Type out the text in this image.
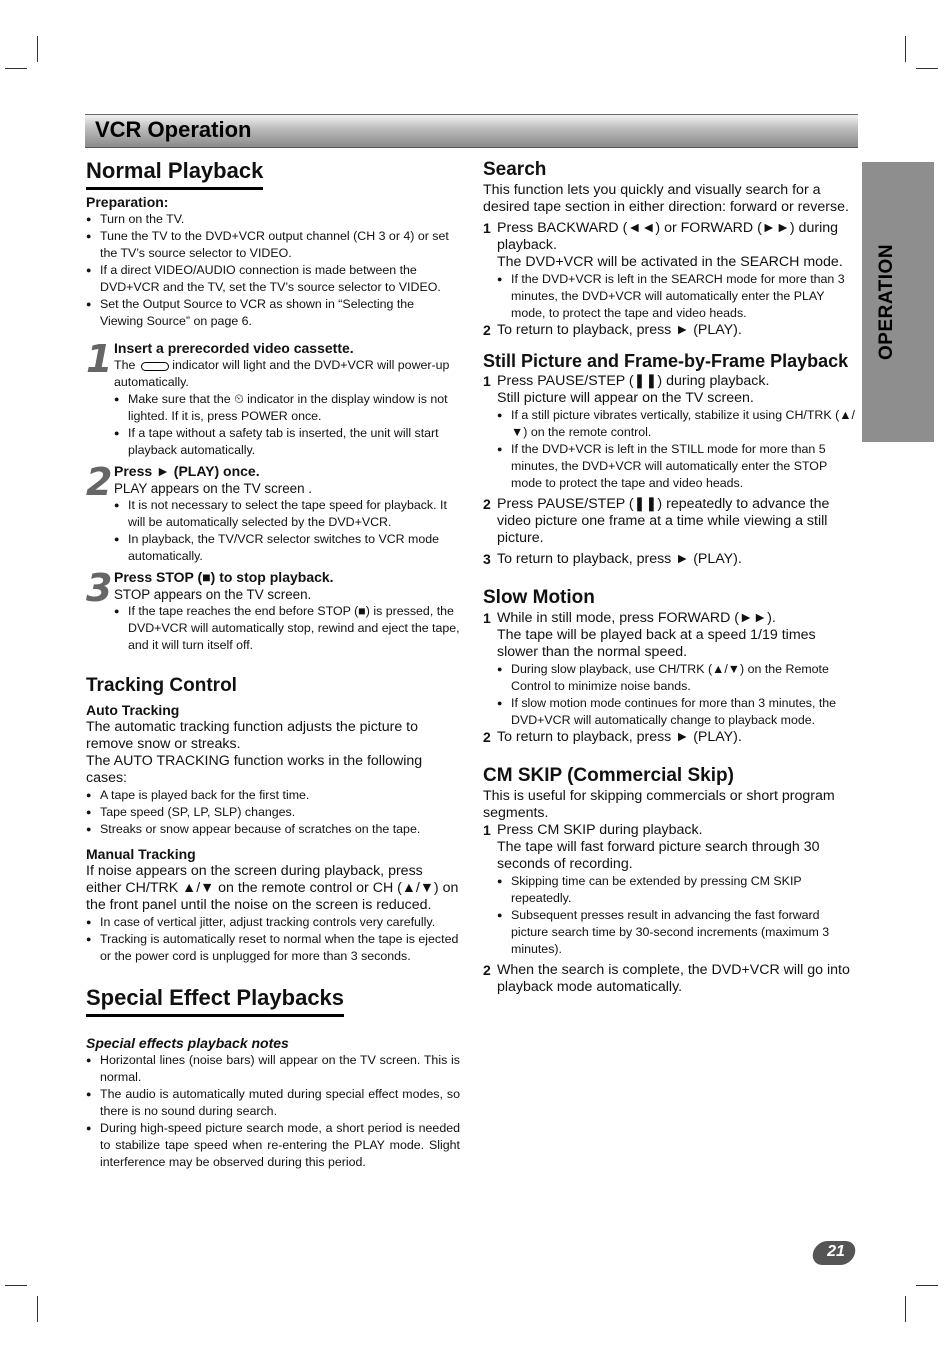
VCR Operation
OPERATION
Normal Playback
Preparation:
● Turn on the TV.
● Tune the TV to the DVD+VCR output channel (CH 3 or 4) or set the TV’s source selector to VIDEO.
● If a direct VIDEO/AUDIO connection is made between the DVD+VCR and the TV, set the TV’s source selector to VIDEO.
● Set the Output Source to VCR as shown in “Selecting the Viewing Source” on page 6.
1 Insert a prerecorded video cassette.
The	indicator will light and the DVD+VCR will power-up automatically.
● Make sure that the ⏲ indicator in the display window is not lighted. If it is, press POWER once.
● If a tape without a safety tab is inserted, the unit will start playback automatically.
2 Press ► (PLAY) once.
PLAY appears on the TV screen .
● It is not necessary to select the tape speed for playback. It will be automatically selected by the DVD+VCR.
● In playback, the TV/VCR selector switches to VCR mode automatically.
3 Press STOP (■) to stop playback.
STOP appears on the TV screen.
● If the tape reaches the end before STOP (■) is pressed, the DVD+VCR will automatically stop, rewind and eject the tape, and it will turn itself off.
Tracking Control
Auto Tracking
The automatic tracking function adjusts the picture to remove snow or streaks.
The AUTO TRACKING function works in the following cases:
● A tape is played back for the first time.
● Tape speed (SP, LP, SLP) changes.
● Streaks or snow appear because of scratches on the tape.
Manual Tracking
If noise appears on the screen during playback, press either CH/TRK ▲/▼ on the remote control or CH (▲/▼) on the front panel until the noise on the screen is reduced.
● In case of vertical jitter, adjust tracking controls very carefully.
● Tracking is automatically reset to normal when the tape is ejected or the power cord is unplugged for more than 3 seconds.
Special Effect Playbacks
Special effects playback notes
● Horizontal lines (noise bars) will appear on the TV screen. This is normal.
● The audio is automatically muted during special effect modes, so there is no sound during search.
● During high-speed picture search mode, a short period is needed to stabilize tape speed when re-entering the PLAY mode. Slight interference may be observed during this period.
Search
This function lets you quickly and visually search for a desired tape section in either direction: forward or reverse.
1 Press BACKWARD (◄◄) or FORWARD (►►) during playback.
The DVD+VCR will be activated in the SEARCH mode.
● If the DVD+VCR is left in the SEARCH mode for more than 3 minutes, the DVD+VCR will automatically enter the PLAY mode, to protect the tape and video heads.
2 To return to playback, press ► (PLAY).
Still Picture and Frame-by-Frame Playback
1 Press PAUSE/STEP (❚❚) during playback.
Still picture will appear on the TV screen.
● If a still picture vibrates vertically, stabilize it using CH/TRK (▲/▼) on the remote control.
● If the DVD+VCR is left in the STILL mode for more than 5 minutes, the DVD+VCR will automatically enter the STOP mode to protect the tape and video heads.
2 Press PAUSE/STEP (❚❚) repeatedly to advance the video picture one frame at a time while viewing a still picture.
3 To return to playback, press ► (PLAY).
Slow Motion
1 While in still mode, press FORWARD (►►).
The tape will be played back at a speed 1/19 times slower than the normal speed.
● During slow playback, use CH/TRK (▲/▼) on the Remote Control to minimize noise bands.
● If slow motion mode continues for more than 3 minutes, the DVD+VCR will automatically change to playback mode.
2 To return to playback, press ► (PLAY).
CM SKIP (Commercial Skip)
This is useful for skipping commercials or short program segments.
1 Press CM SKIP during playback.
The tape will fast forward picture search through 30 seconds of recording.
● Skipping time can be extended by pressing CM SKIP repeatedly.
● Subsequent presses result in advancing the fast forward picture search time by 30-second increments (maximum 3 minutes).
2 When the search is complete, the DVD+VCR will go into playback mode automatically.
21
